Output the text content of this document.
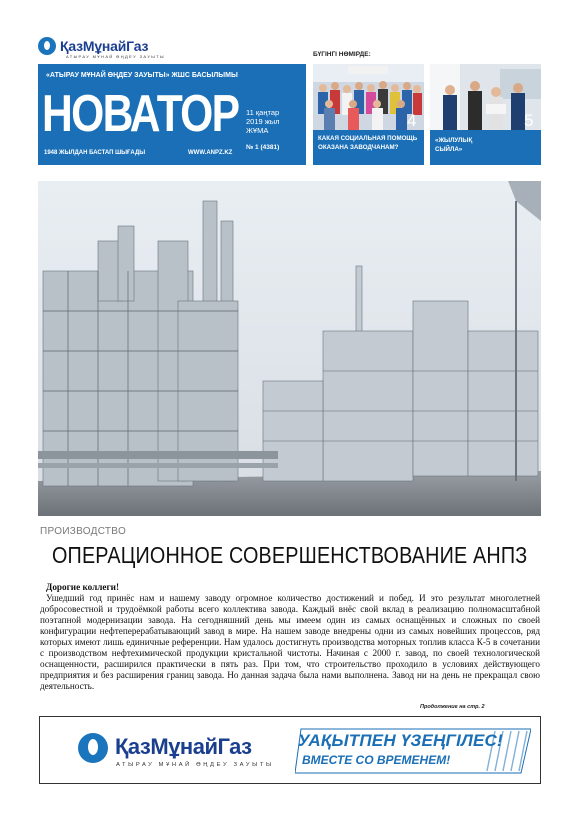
ҚазМұнайГаз
АТЫРАУ МҰНАЙ ӨҢДЕУ ЗАУЫТЫ
«АТЫРАУ МҰНАЙ ӨҢДЕУ ЗАУЫТЫ» ЖШС БАСЫЛЫМЫ
НОВАТОР 11 қаңтар
2019 жыл
ЖҰМА
№ 1 (4381)
1948 ЖЫЛДАН БАСТАП ШЫҒАДЫ	WWW.ANPZ.KZ
БҮГІНГІ НӨМІРДЕ:
4
КАКАЯ СОЦИАЛЬНАЯ ПОМОЩЬ ОКАЗАНА ЗАВОДЧАНАМ?
5
«ЖЫЛУЛЫҚ СЫЙЛА»
ПРОИЗВОДСТВО
ОПЕРАЦИОННОЕ СОВЕРШЕНСТВОВАНИЕ АНПЗ
Дорогие коллеги!

Ушедший год принёс нам и нашему заводу огромное количество достижений и побед. И это результат многолетней добросовестной и трудоёмкой работы всего коллектива завода. Каждый внёс свой вклад в реализацию полномасштабной поэтапной модернизации завода. На сегодняшний день мы имеем один из самых оснащённых и сложных по своей конфигурации нефтеперерабатывающий завод в мире. На нашем заводе внедрены одни из самых новейших процессов, ряд которых имеют лишь единичные референции. Нам удалось достигнуть производства моторных топлив класса К-5 в сочетании с производством нефтехимической продукции кристальной чистоты. Начиная с 2000 г. завод, по своей технологической оснащенности, расширился практически в пять раз. При том, что строительство проходило в условиях действующего предприятия и без расширения границ завода. Но данная задача была нами выполнена. Завод ни на день не прекращал свою деятельность.

Продолжение на стр. 2
ҚазМұнайГаз
АТЫРАУ МҰНАЙ ӨҢДЕУ ЗАУЫТЫ
УАҚЫТПЕН ҮЗЕҢГІЛЕС!
ВМЕСТЕ СО ВРЕМЕНЕМ!
